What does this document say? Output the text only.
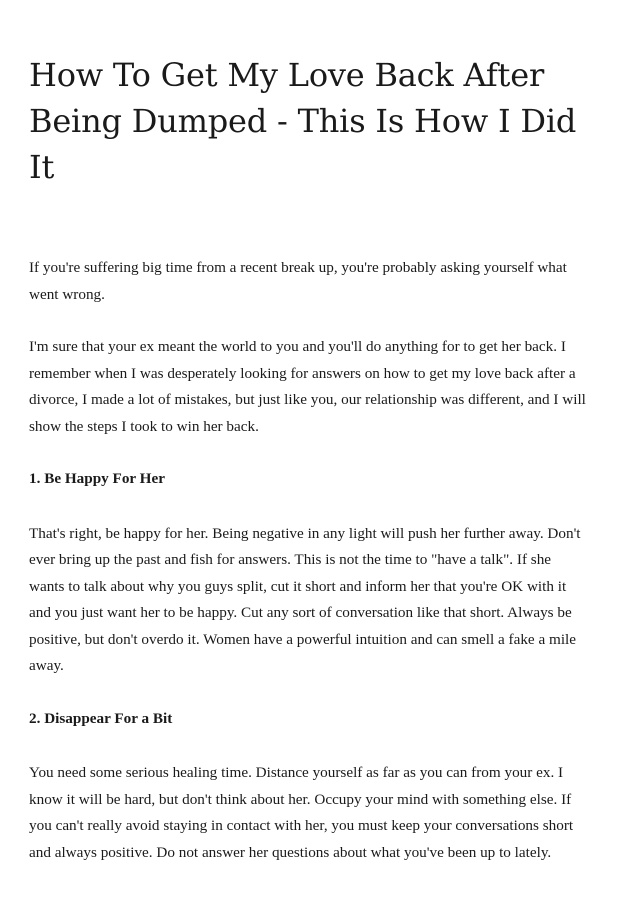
How To Get My Love Back After Being Dumped - This Is How I Did It

If you're suffering big time from a recent break up, you're probably asking yourself what went wrong.

I'm sure that your ex meant the world to you and you'll do anything for to get her back. I remember when I was desperately looking for answers on how to get my love back after a divorce, I made a lot of mistakes, but just like you, our relationship was different, and I will show the steps I took to win her back.

1. Be Happy For Her

That's right, be happy for her. Being negative in any light will push her further away. Don't ever bring up the past and fish for answers. This is not the time to "have a talk". If she wants to talk about why you guys split, cut it short and inform her that you're OK with it and you just want her to be happy. Cut any sort of conversation like that short. Always be positive, but don't overdo it. Women have a powerful intuition and can smell a fake a mile away.

2. Disappear For a Bit

You need some serious healing time. Distance yourself as far as you can from your ex. I know it will be hard, but don't think about her. Occupy your mind with something else. If you can't really avoid staying in contact with her, you must keep your conversations short and always positive. Do not answer her questions about what you've been up to lately.
